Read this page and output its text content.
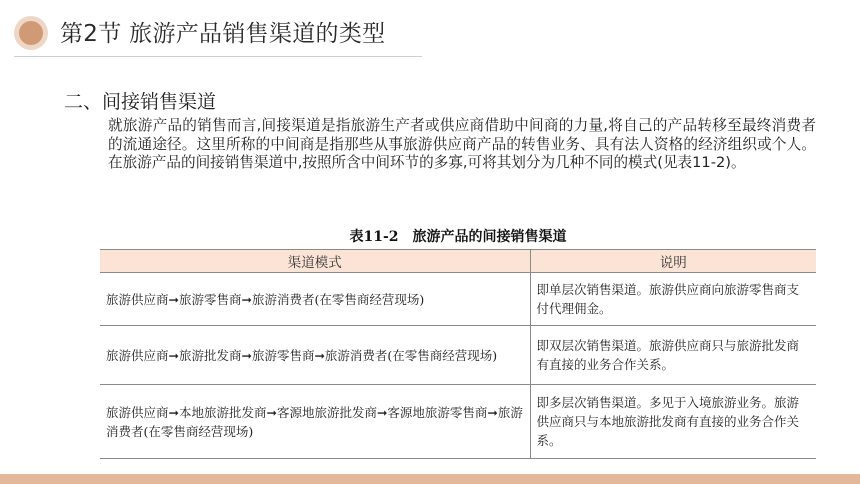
第2节 旅游产品销售渠道的类型
二、间接销售渠道

就旅游产品的销售而言,间接渠道是指旅游生产者或供应商借助中间商的力量,将自己的产品转移至最终消费者的流通途径。这里所称的中间商是指那些从事旅游供应商产品的转售业务、具有法人资格的经济组织或个人。在旅游产品的间接销售渠道中,按照所含中间环节的多寡,可将其划分为几种不同的模式(见表11-2)。

表11-2　旅游产品的间接销售渠道
渠道模式	说明
旅游供应商➞旅游零售商➞旅游消费者(在零售商经营现场)	即单层次销售渠道。旅游供应商向旅游零售商支付代理佣金。
旅游供应商➞旅游批发商➞旅游零售商➞旅游消费者(在零售商经营现场)	即双层次销售渠道。旅游供应商只与旅游批发商有直接的业务合作关系。
旅游供应商➞本地旅游批发商➞客源地旅游批发商➞客源地旅游零售商➞旅游消费者(在零售商经营现场)	即多层次销售渠道。多见于入境旅游业务。旅游供应商只与本地旅游批发商有直接的业务合作关系。
